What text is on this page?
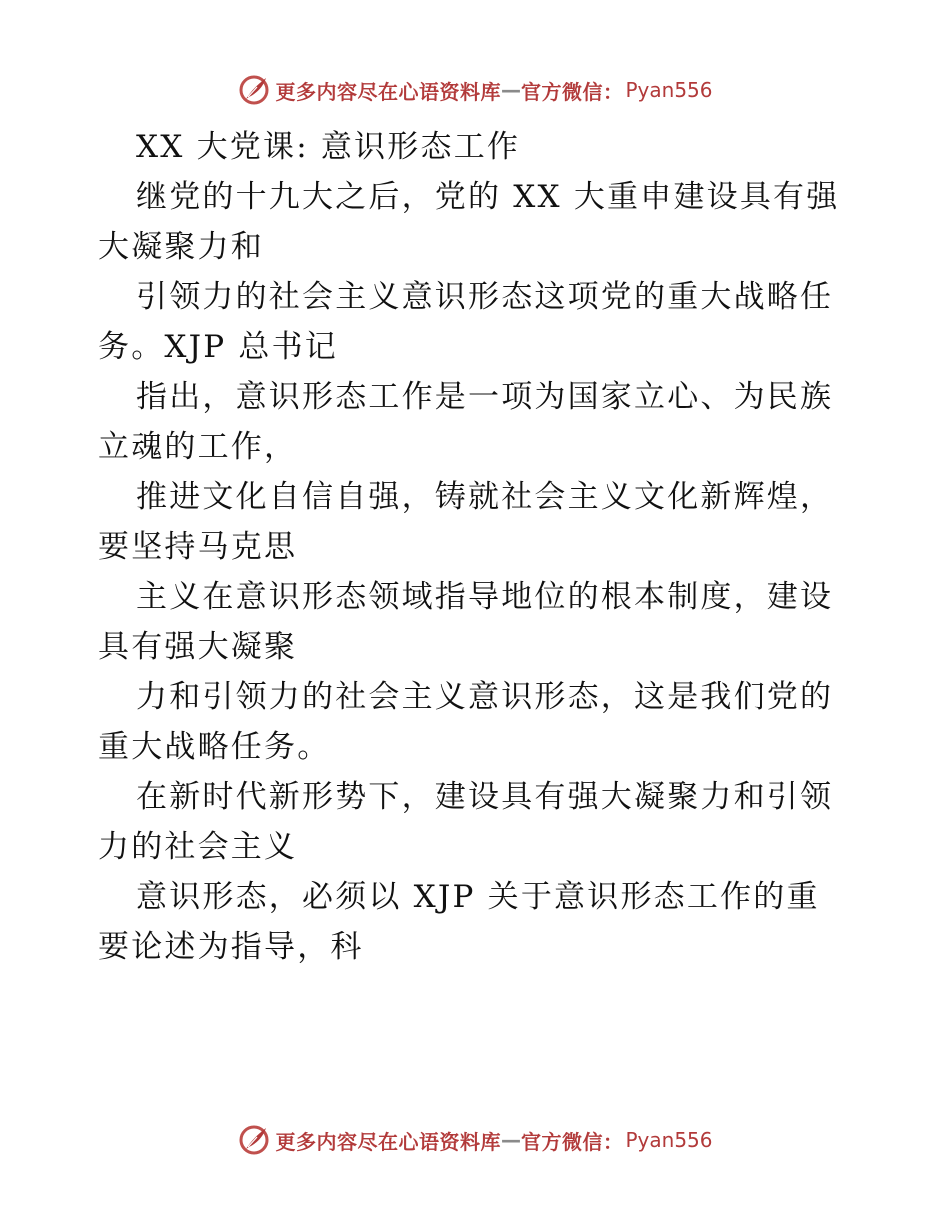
更多内容尽在心语资料库 — 官方微信： Pyan556
XX 大党课: 意识形态工作
继党的十九大之后，党的 XX 大重申建设具有强
大凝聚力和
引领力的社会主义意识形态这项党的重大战略任
务。XJP 总书记
指出，意识形态工作是一项为国家立心、为民族
立魂的工作，
推进文化自信自强，铸就社会主义文化新辉煌，
要坚持马克思
主义在意识形态领域指导地位的根本制度，建设
具有强大凝聚
力和引领力的社会主义意识形态，这是我们党的
重大战略任务。
在新时代新形势下，建设具有强大凝聚力和引领
力的社会主义
意识形态，必须以 XJP 关于意识形态工作的重
要论述为指导，科
更多内容尽在心语资料库 — 官方微信： Pyan556
